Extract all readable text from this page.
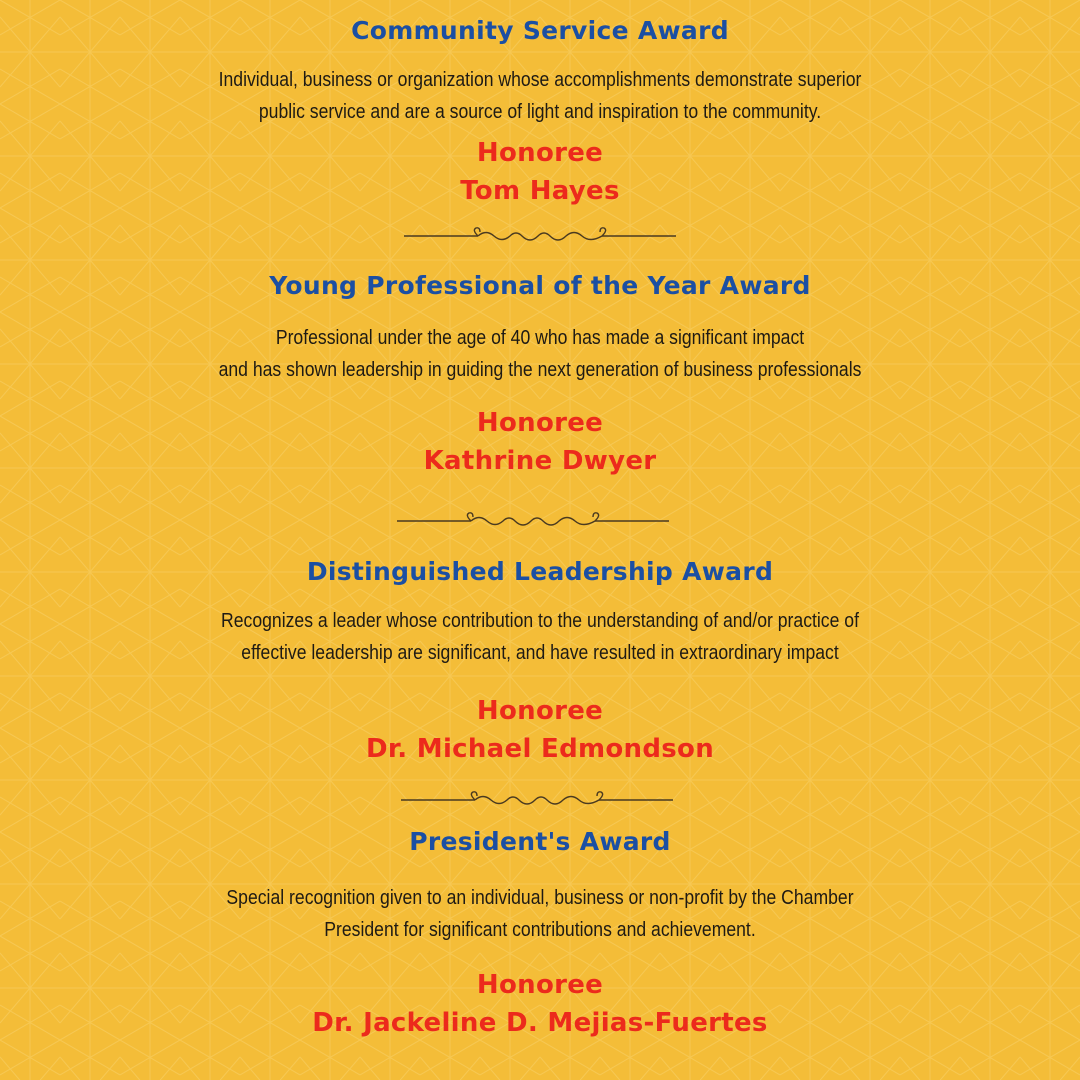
Community Service Award
Individual, business or organization whose accomplishments demonstrate superior
public service and are a source of light and inspiration to the community.
Honoree
Tom Hayes
Young Professional of the Year Award
Professional under the age of 40 who has made a significant impact
and has shown leadership in guiding the next generation of business professionals
Honoree
Kathrine Dwyer
Distinguished Leadership Award
Recognizes a leader whose contribution to the understanding of and/or practice of
effective leadership are significant, and have resulted in extraordinary impact
Honoree
Dr. Michael Edmondson
President's Award
Special recognition given to an individual, business or non-profit by the Chamber
President for significant contributions and achievement.
Honoree
Dr. Jackeline D. Mejias-Fuertes
